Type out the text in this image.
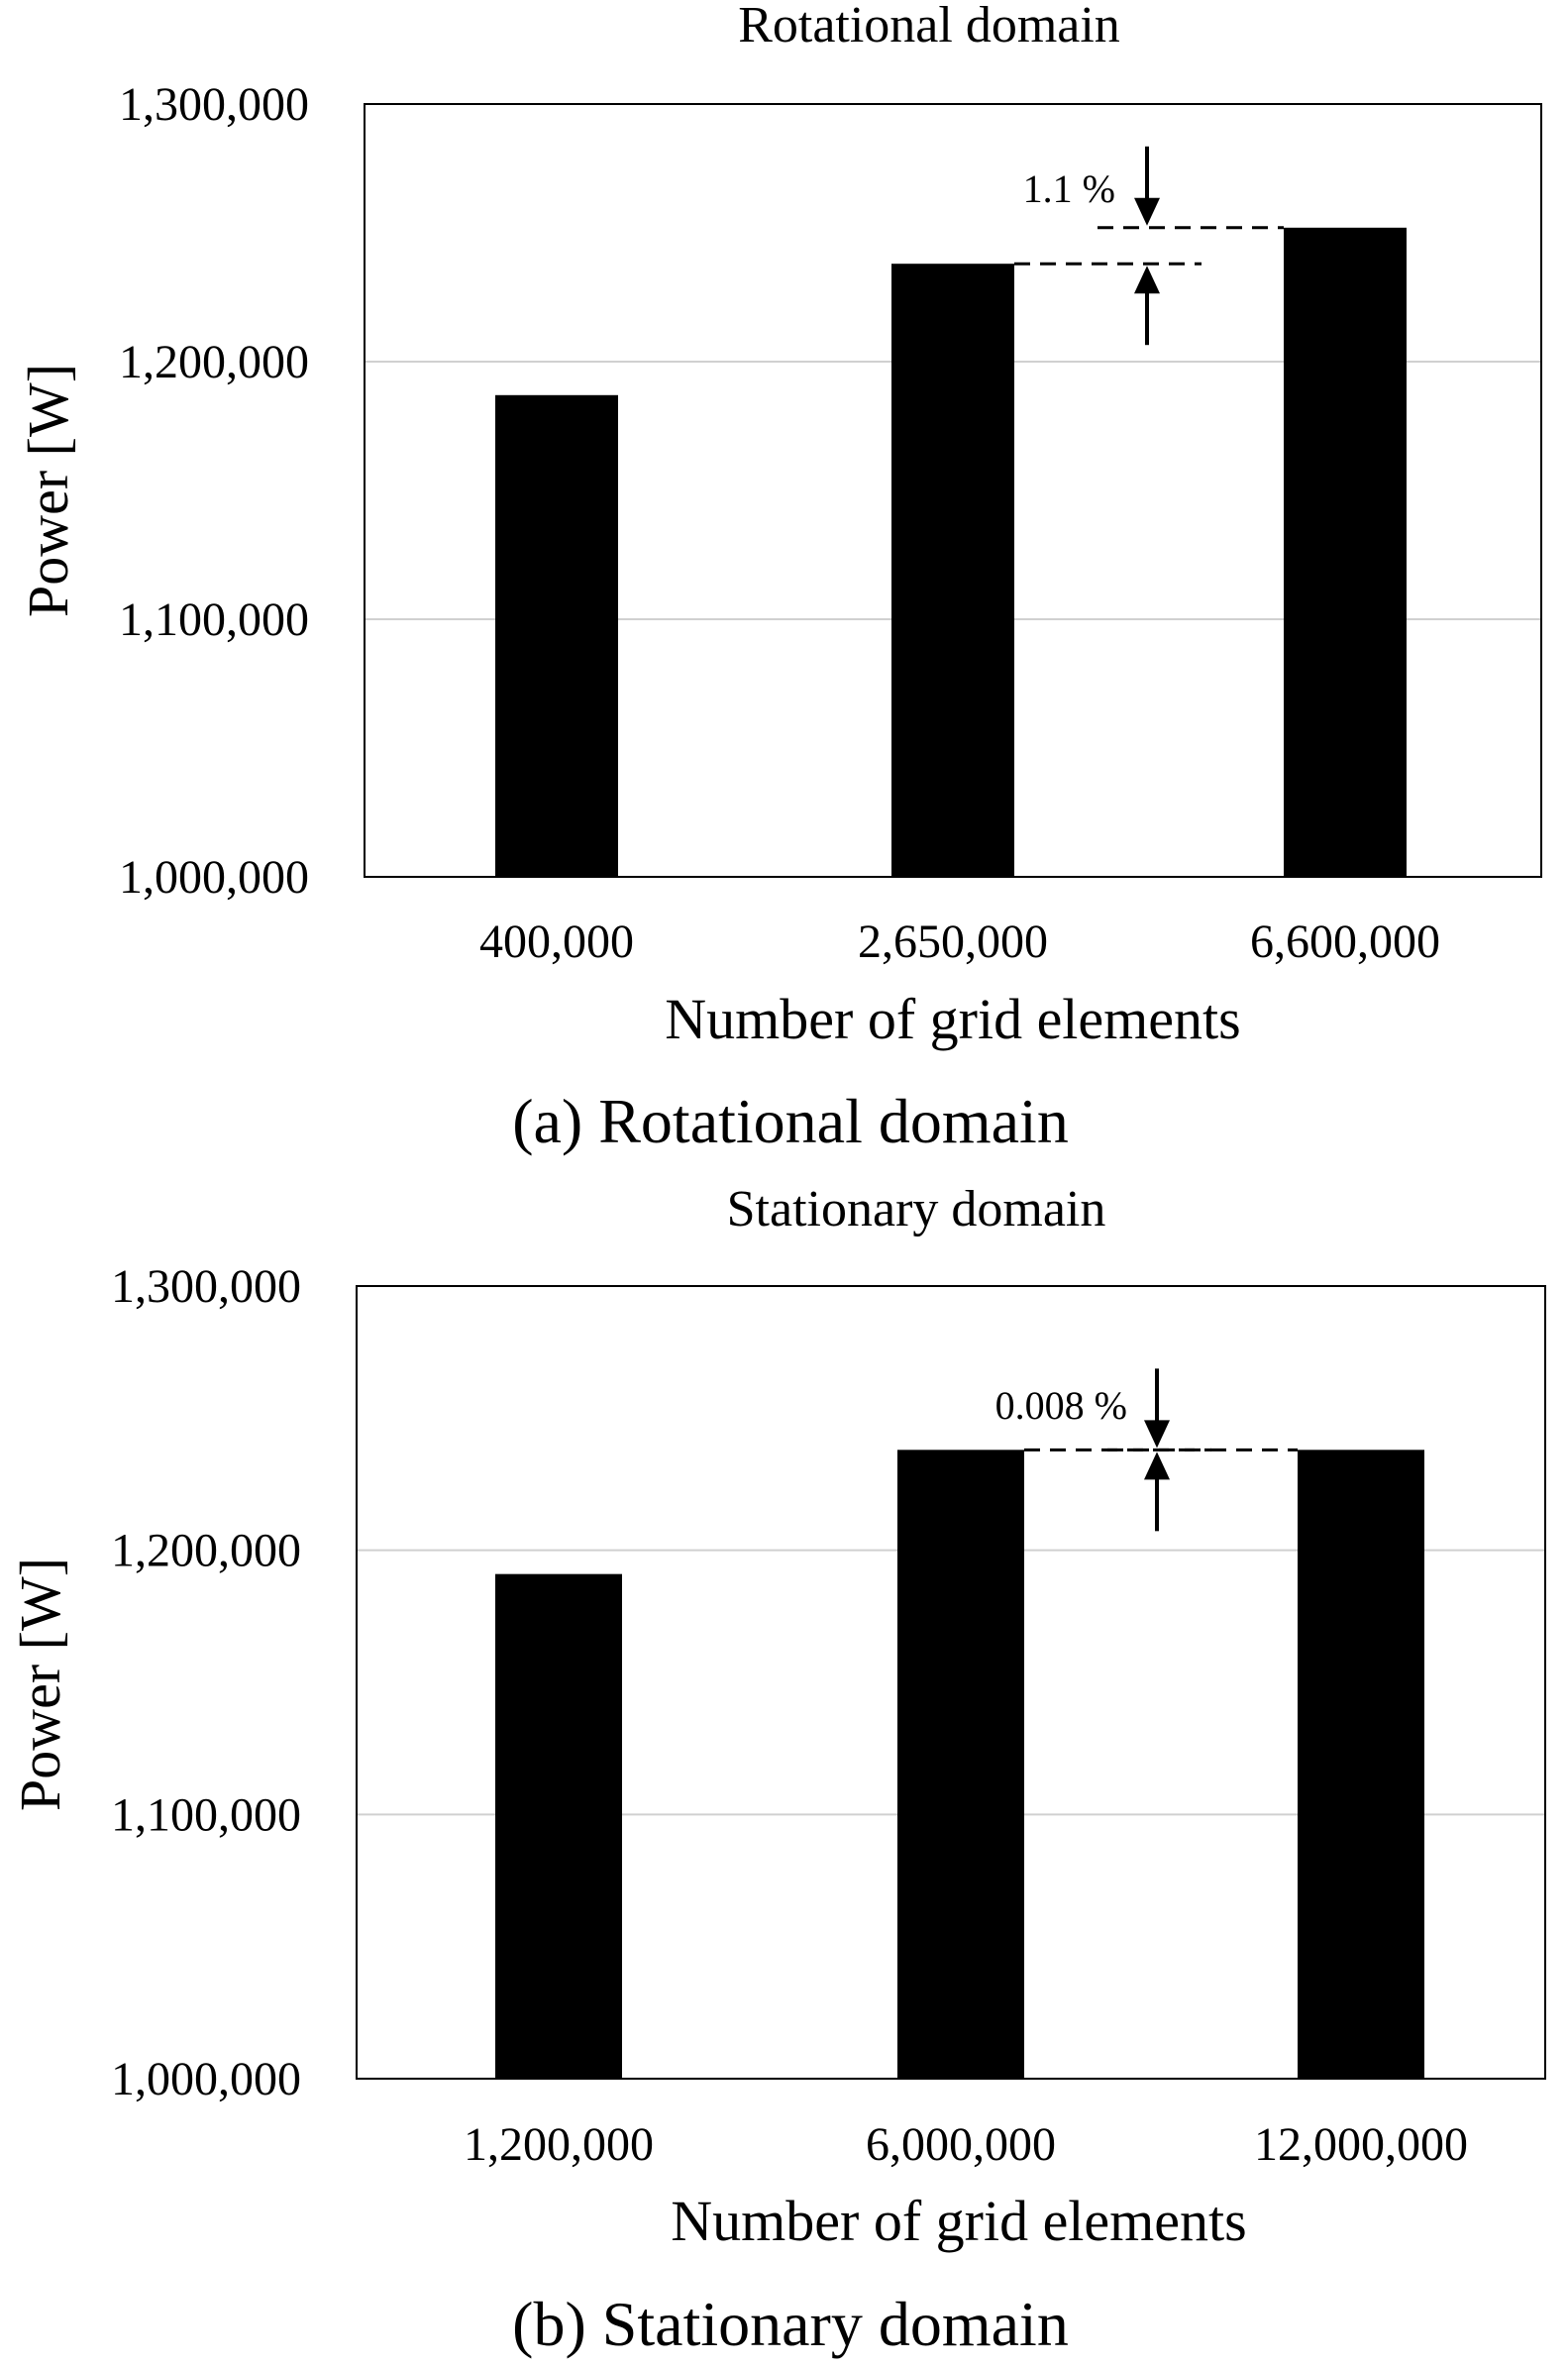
Rotational domain
1,000,000
1,100,000
1,200,000
1,300,000
400,000	2,650,000	6,600,000
Power [W]
Number of grid elements
1.1 %
(a) Rotational domain
Stationary domain
1,000,000
1,100,000
1,200,000
1,300,000
1,200,000	6,000,000	12,000,000
Power [W]
Number of grid elements
0.008 %
(b) Stationary domain
